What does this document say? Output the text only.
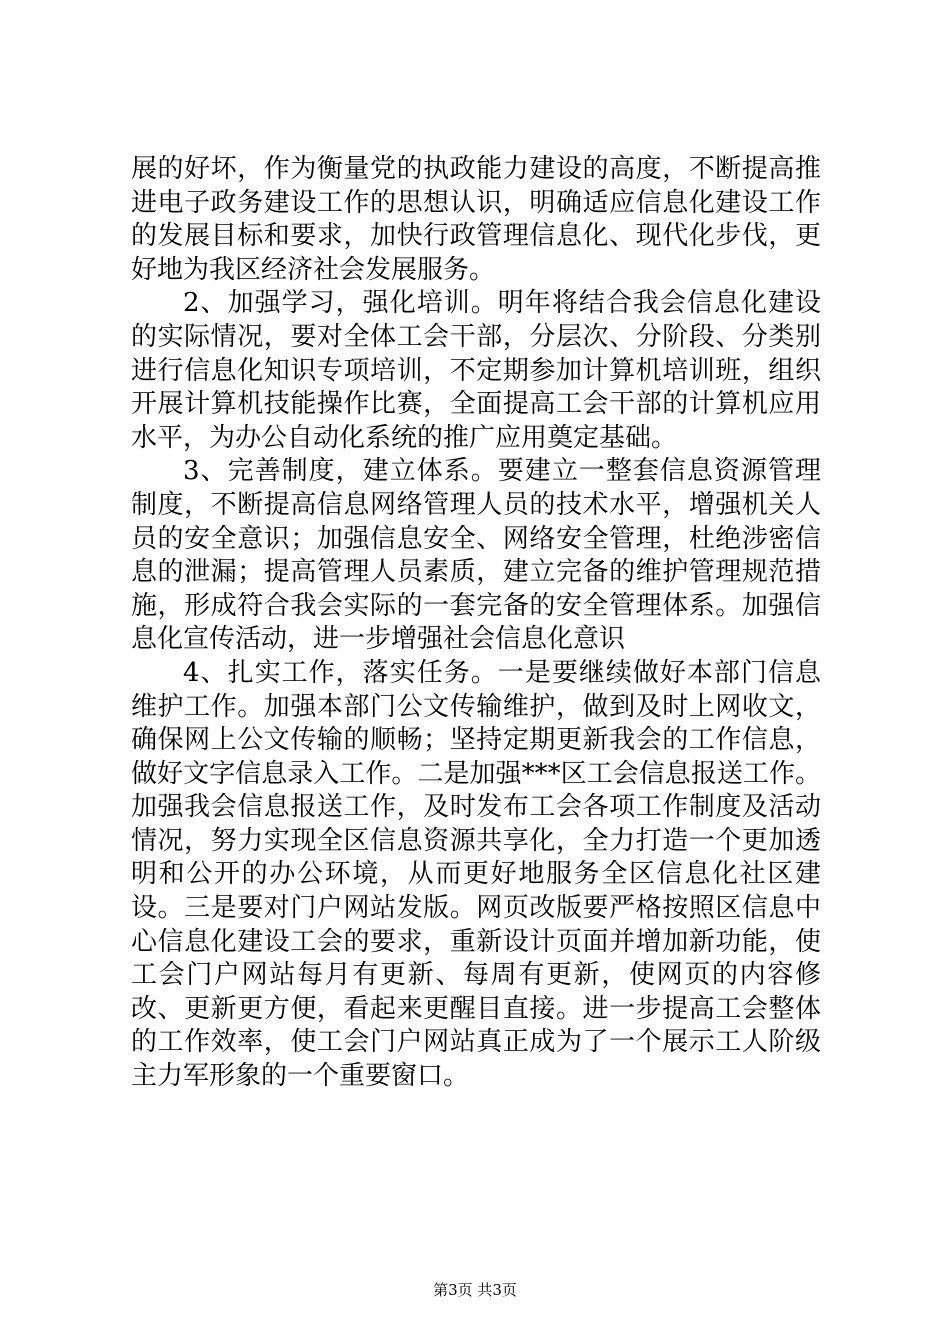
展的好坏，作为衡量党的执政能力建设的高度，不断提高推进电子政务建设工作的思想认识，明确适应信息化建设工作的发展目标和要求，加快行政管理信息化、现代化步伐，更好地为我区经济社会发展服务。

2、加强学习，强化培训。明年将结合我会信息化建设的实际情况，要对全体工会干部，分层次、分阶段、分类别进行信息化知识专项培训，不定期参加计算机培训班，组织开展计算机技能操作比赛，全面提高工会干部的计算机应用水平，为办公自动化系统的推广应用奠定基础。

3、完善制度，建立体系。要建立一整套信息资源管理制度，不断提高信息网络管理人员的技术水平，增强机关人员的安全意识；加强信息安全、网络安全管理，杜绝涉密信息的泄漏；提高管理人员素质，建立完备的维护管理规范措施，形成符合我会实际的一套完备的安全管理体系。加强信息化宣传活动，进一步增强社会信息化意识

4、扎实工作，落实任务。一是要继续做好本部门信息维护工作。加强本部门公文传输维护，做到及时上网收文，确保网上公文传输的顺畅；坚持定期更新我会的工作信息，做好文字信息录入工作。二是加强***区工会信息报送工作。加强我会信息报送工作，及时发布工会各项工作制度及活动情况，努力实现全区信息资源共享化，全力打造一个更加透明和公开的办公环境，从而更好地服务全区信息化社区建设。三是要对门户网站发版。网页改版要严格按照区信息中心信息化建设工会的要求，重新设计页面并增加新功能，使工会门户网站每月有更新、每周有更新，使网页的内容修改、更新更方便，看起来更醒目直接。进一步提高工会整体的工作效率，使工会门户网站真正成为了一个展示工人阶级主力军形象的一个重要窗口。

第3页 共3页
